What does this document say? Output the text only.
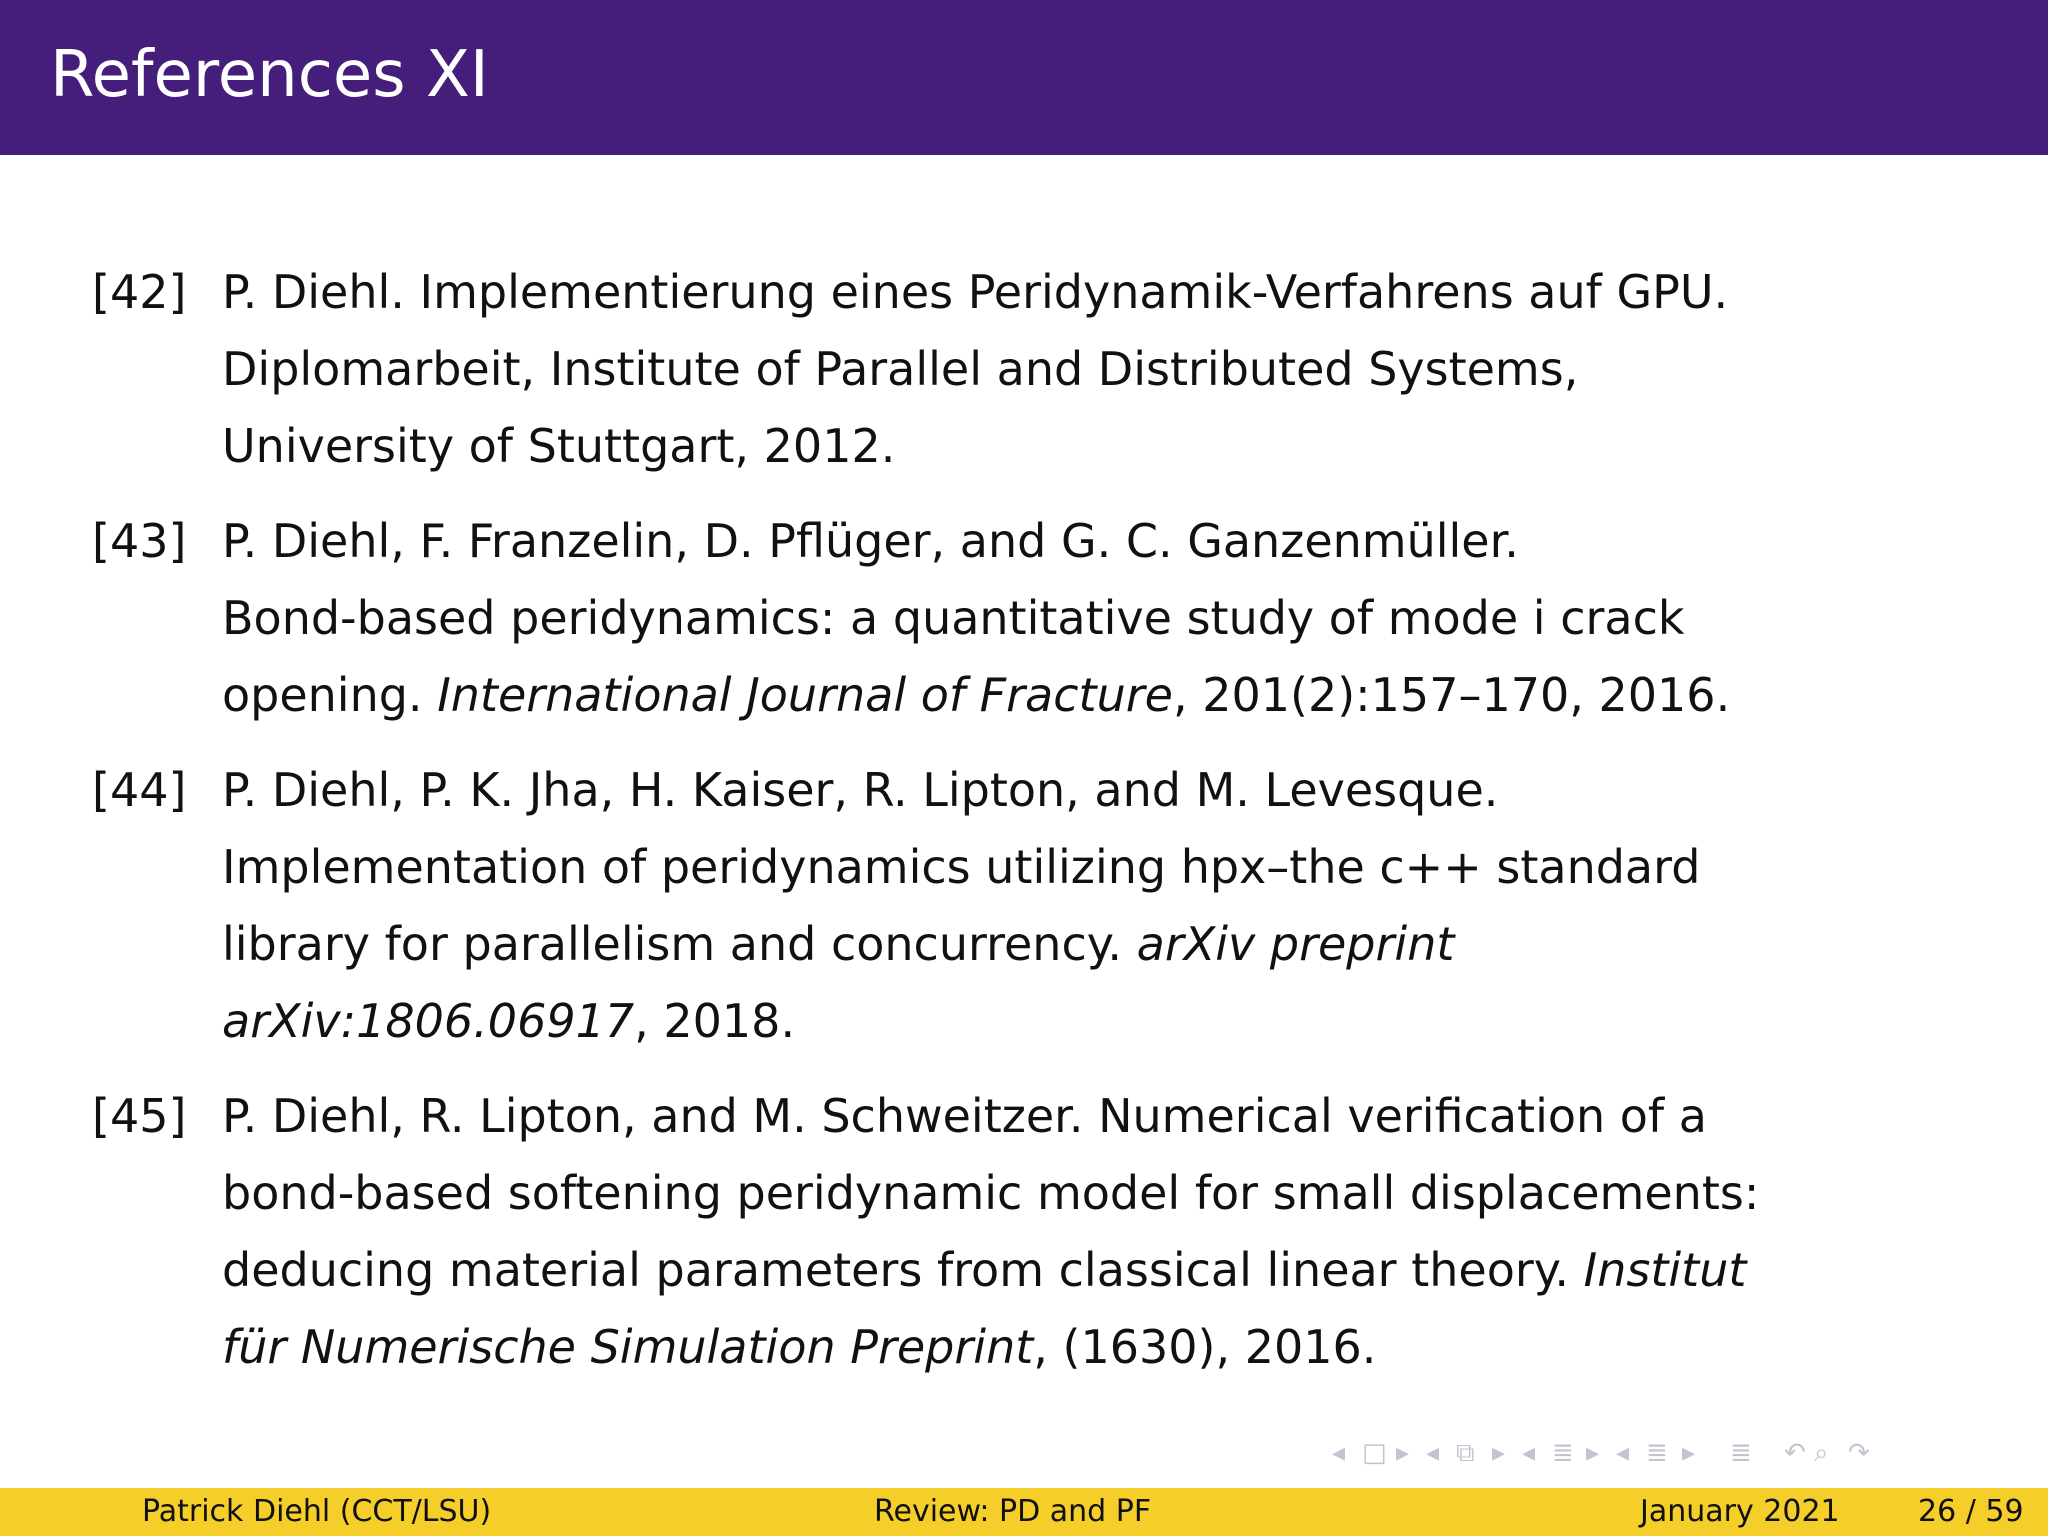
References XI
[42] P. Diehl. Implementierung eines Peridynamik-Verfahrens auf GPU.
Diplomarbeit, Institute of Parallel and Distributed Systems,
University of Stuttgart, 2012.
[43] P. Diehl, F. Franzelin, D. Pflüger, and G. C. Ganzenmüller.
Bond-based peridynamics: a quantitative study of mode i crack
opening. International Journal of Fracture, 201(2):157–170, 2016.
[44] P. Diehl, P. K. Jha, H. Kaiser, R. Lipton, and M. Levesque.
Implementation of peridynamics utilizing hpx–the c++ standard
library for parallelism and concurrency. arXiv preprint
arXiv:1806.06917, 2018.
[45] P. Diehl, R. Lipton, and M. Schweitzer. Numerical verification of a
bond-based softening peridynamic model for small displacements:
deducing material parameters from classical linear theory. Institut
für Numerische Simulation Preprint, (1630), 2016.
◂ □ ▸ ◂ ⧉ ▸ ◂ ≣ ▸ ◂ ≣ ▸ ≣ ↶ ⌕ ↷
Patrick Diehl (CCT/LSU)	Review: PD and PF	January 2021	26 / 59
